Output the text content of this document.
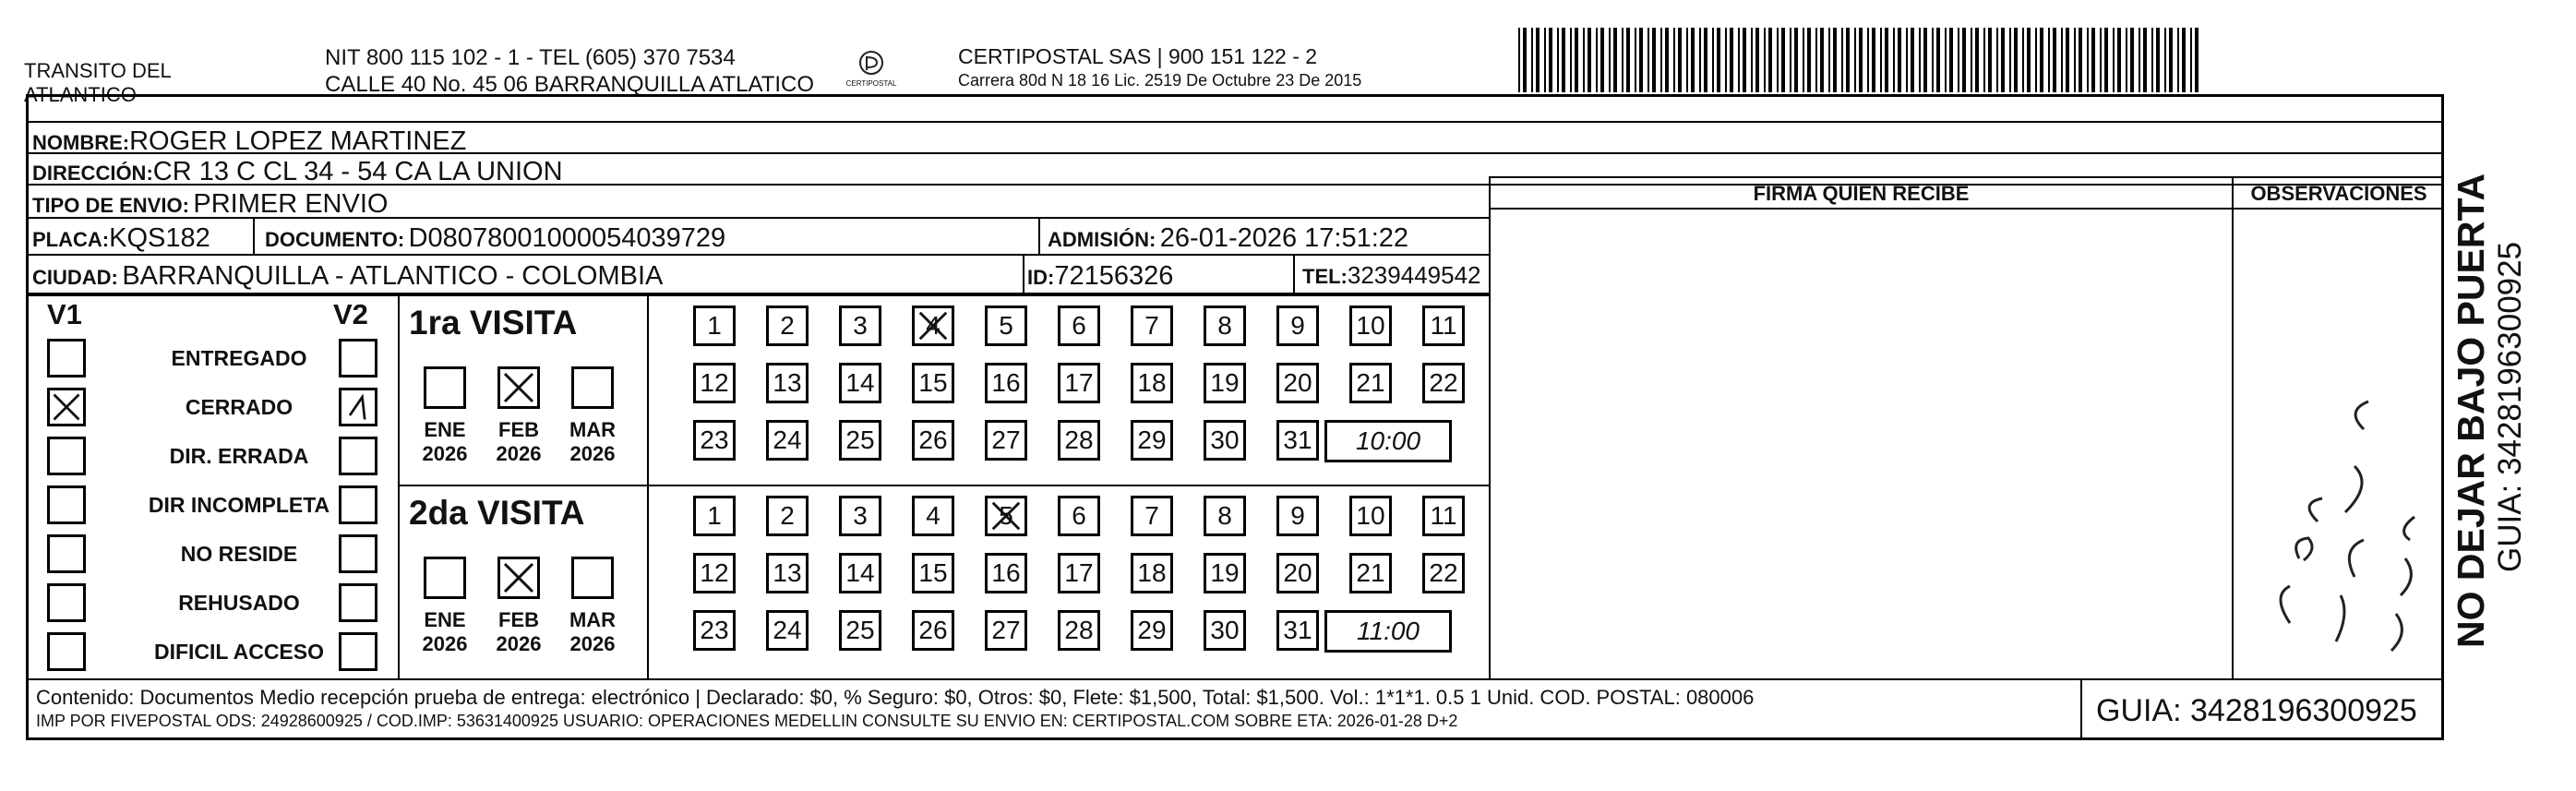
TRANSITO DEL
ATLANTICO
NIT 800 115 102 - 1 - TEL (605) 370 7534
CALLE 40 No. 45 06 BARRANQUILLA ATLATICO	CERTIPOSTAL
CERTIPOSTAL SAS | 900 151 122 - 2
Carrera 80d N 18 16 Lic. 2519 De Octubre 23 De 2015
NOMBRE:ROGER LOPEZ MARTINEZ
DIRECCIÓN:CR 13 C CL 34 - 54 CA LA UNION
TIPO DE ENVIO: PRIMER ENVIO
PLACA:KQS182	DOCUMENTO: D08078001000054039729	ADMISIÓN: 26-01-2026 17:51:22
CIUDAD: BARRANQUILLA - ATLANTICO - COLOMBIA	ID:72156326	TEL:3239449542
FIRMA QUIEN RECIBE	OBSERVACIONES
V1	V2
ENTREGADO
CERRADO
DIR. ERRADA
DIR INCOMPLETA
NO RESIDE
REHUSADO
DIFICIL ACCESO
1ra VISITA
2da VISITA
ENE
2026
FEB
2026
MAR
2026
ENE
2026
FEB
2026
MAR
2026
1	2	3	4	5	6	7	8	9	10	11
12 13 14 15 16 17 18 19 20 21 22
23 24 25 26 27 28 29 30 31	10:00
1	2	3	4	5	6	7	8	9	10	11
12 13 14 15 16 17 18 19 20 21 22
23 24 25 26 27 28 29 30 31	11:00
Contenido: Documentos Medio recepción prueba de entrega: electrónico | Declarado: $0, % Seguro: $0, Otros: $0, Flete: $1,500, Total: $1,500. Vol.: 1*1*1. 0.5 1 Unid. COD. POSTAL: 080006
IMP POR FIVEPOSTAL ODS: 24928600925 / COD.IMP: 53631400925 USUARIO: OPERACIONES MEDELLIN CONSULTE SU ENVIO EN: CERTIPOSTAL.COM SOBRE ETA: 2026-01-28 D+2	GUIA: 3428196300925
NO DEJAR BAJO PUERTA GUIA: 3428196300925
